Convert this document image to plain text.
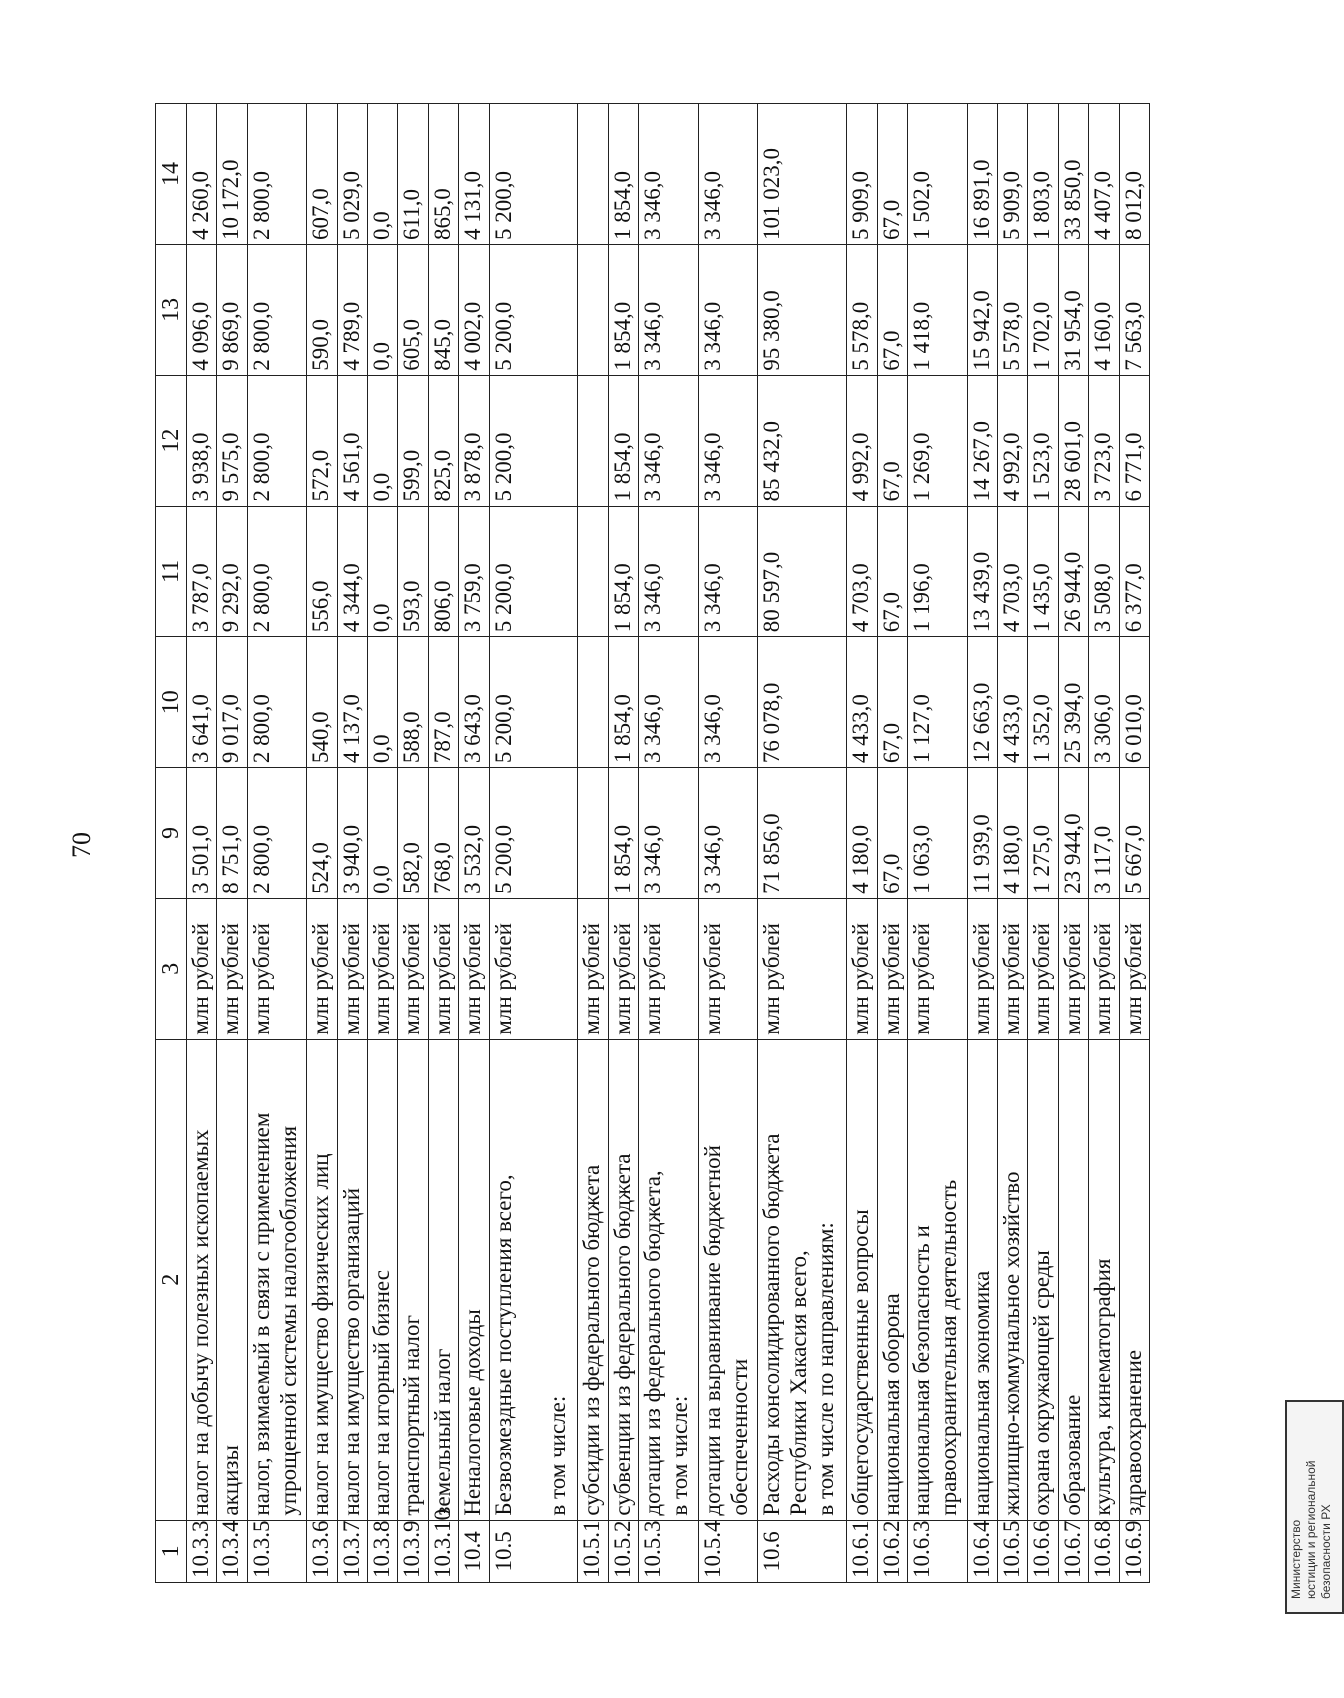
70
1	2	3	9	10	11	12	13	14
10.3.3	налог на добычу полезных ископаемых	млн рублей	3 501,0	3 641,0	3 787,0	3 938,0	4 096,0	4 260,0
10.3.4	акцизы	млн рублей	8 751,0	9 017,0	9 292,0	9 575,0	9 869,0	10 172,0
10.3.5	налог, взимаемый в связи с применением упрощенной системы налогообложения	млн рублей	2 800,0	2 800,0	2 800,0	2 800,0	2 800,0	2 800,0
10.3.6	налог на имущество физических лиц	млн рублей	524,0	540,0	556,0	572,0	590,0	607,0
10.3.7	налог на имущество организаций	млн рублей	3 940,0	4 137,0	4 344,0	4 561,0	4 789,0	5 029,0
10.3.8	налог на игорный бизнес	млн рублей	0,0	0,0	0,0	0,0	0,0	0,0
10.3.9	транспортный налог	млн рублей	582,0	588,0	593,0	599,0	605,0	611,0
10.3.10	земельный налог	млн рублей	768,0	787,0	806,0	825,0	845,0	865,0
10.4	Неналоговые доходы	млн рублей	3 532,0	3 643,0	3 759,0	3 878,0	4 002,0	4 131,0
10.5	Безвозмездные поступления всего, в том числе:	млн рублей	5 200,0	5 200,0	5 200,0	5 200,0	5 200,0	5 200,0
10.5.1	субсидии из федерального бюджета	млн рублей						
10.5.2	субвенции из федерального бюджета	млн рублей	1 854,0	1 854,0	1 854,0	1 854,0	1 854,0	1 854,0
10.5.3	дотации из федерального бюджета, в том числе:	млн рублей	3 346,0	3 346,0	3 346,0	3 346,0	3 346,0	3 346,0
10.5.4	дотации на выравнивание бюджетной обеспеченности	млн рублей	3 346,0	3 346,0	3 346,0	3 346,0	3 346,0	3 346,0
10.6	Расходы консолидированного бюджета Республики Хакасия всего, в том числе по направлениям:	млн рублей	71 856,0	76 078,0	80 597,0	85 432,0	95 380,0	101 023,0
10.6.1	общегосударственные вопросы	млн рублей	4 180,0	4 433,0	4 703,0	4 992,0	5 578,0	5 909,0
10.6.2	национальная оборона	млн рублей	67,0	67,0	67,0	67,0	67,0	67,0
10.6.3	национальная безопасность и правоохранительная деятельность	млн рублей	1 063,0	1 127,0	1 196,0	1 269,0	1 418,0	1 502,0
10.6.4	национальная экономика	млн рублей	11 939,0	12 663,0	13 439,0	14 267,0	15 942,0	16 891,0
10.6.5	жилищно-коммунальное хозяйство	млн рублей	4 180,0	4 433,0	4 703,0	4 992,0	5 578,0	5 909,0
10.6.6	охрана окружающей среды	млн рублей	1 275,0	1 352,0	1 435,0	1 523,0	1 702,0	1 803,0
10.6.7	образование	млн рублей	23 944,0	25 394,0	26 944,0	28 601,0	31 954,0	33 850,0
10.6.8	культура, кинематография	млн рублей	3 117,0	3 306,0	3 508,0	3 723,0	4 160,0	4 407,0
10.6.9	здравоохранение	млн рублей	5 667,0	6 010,0	6 377,0	6 771,0	7 563,0	8 012,0
Министерство юстиции и региональной безопасности РХ
